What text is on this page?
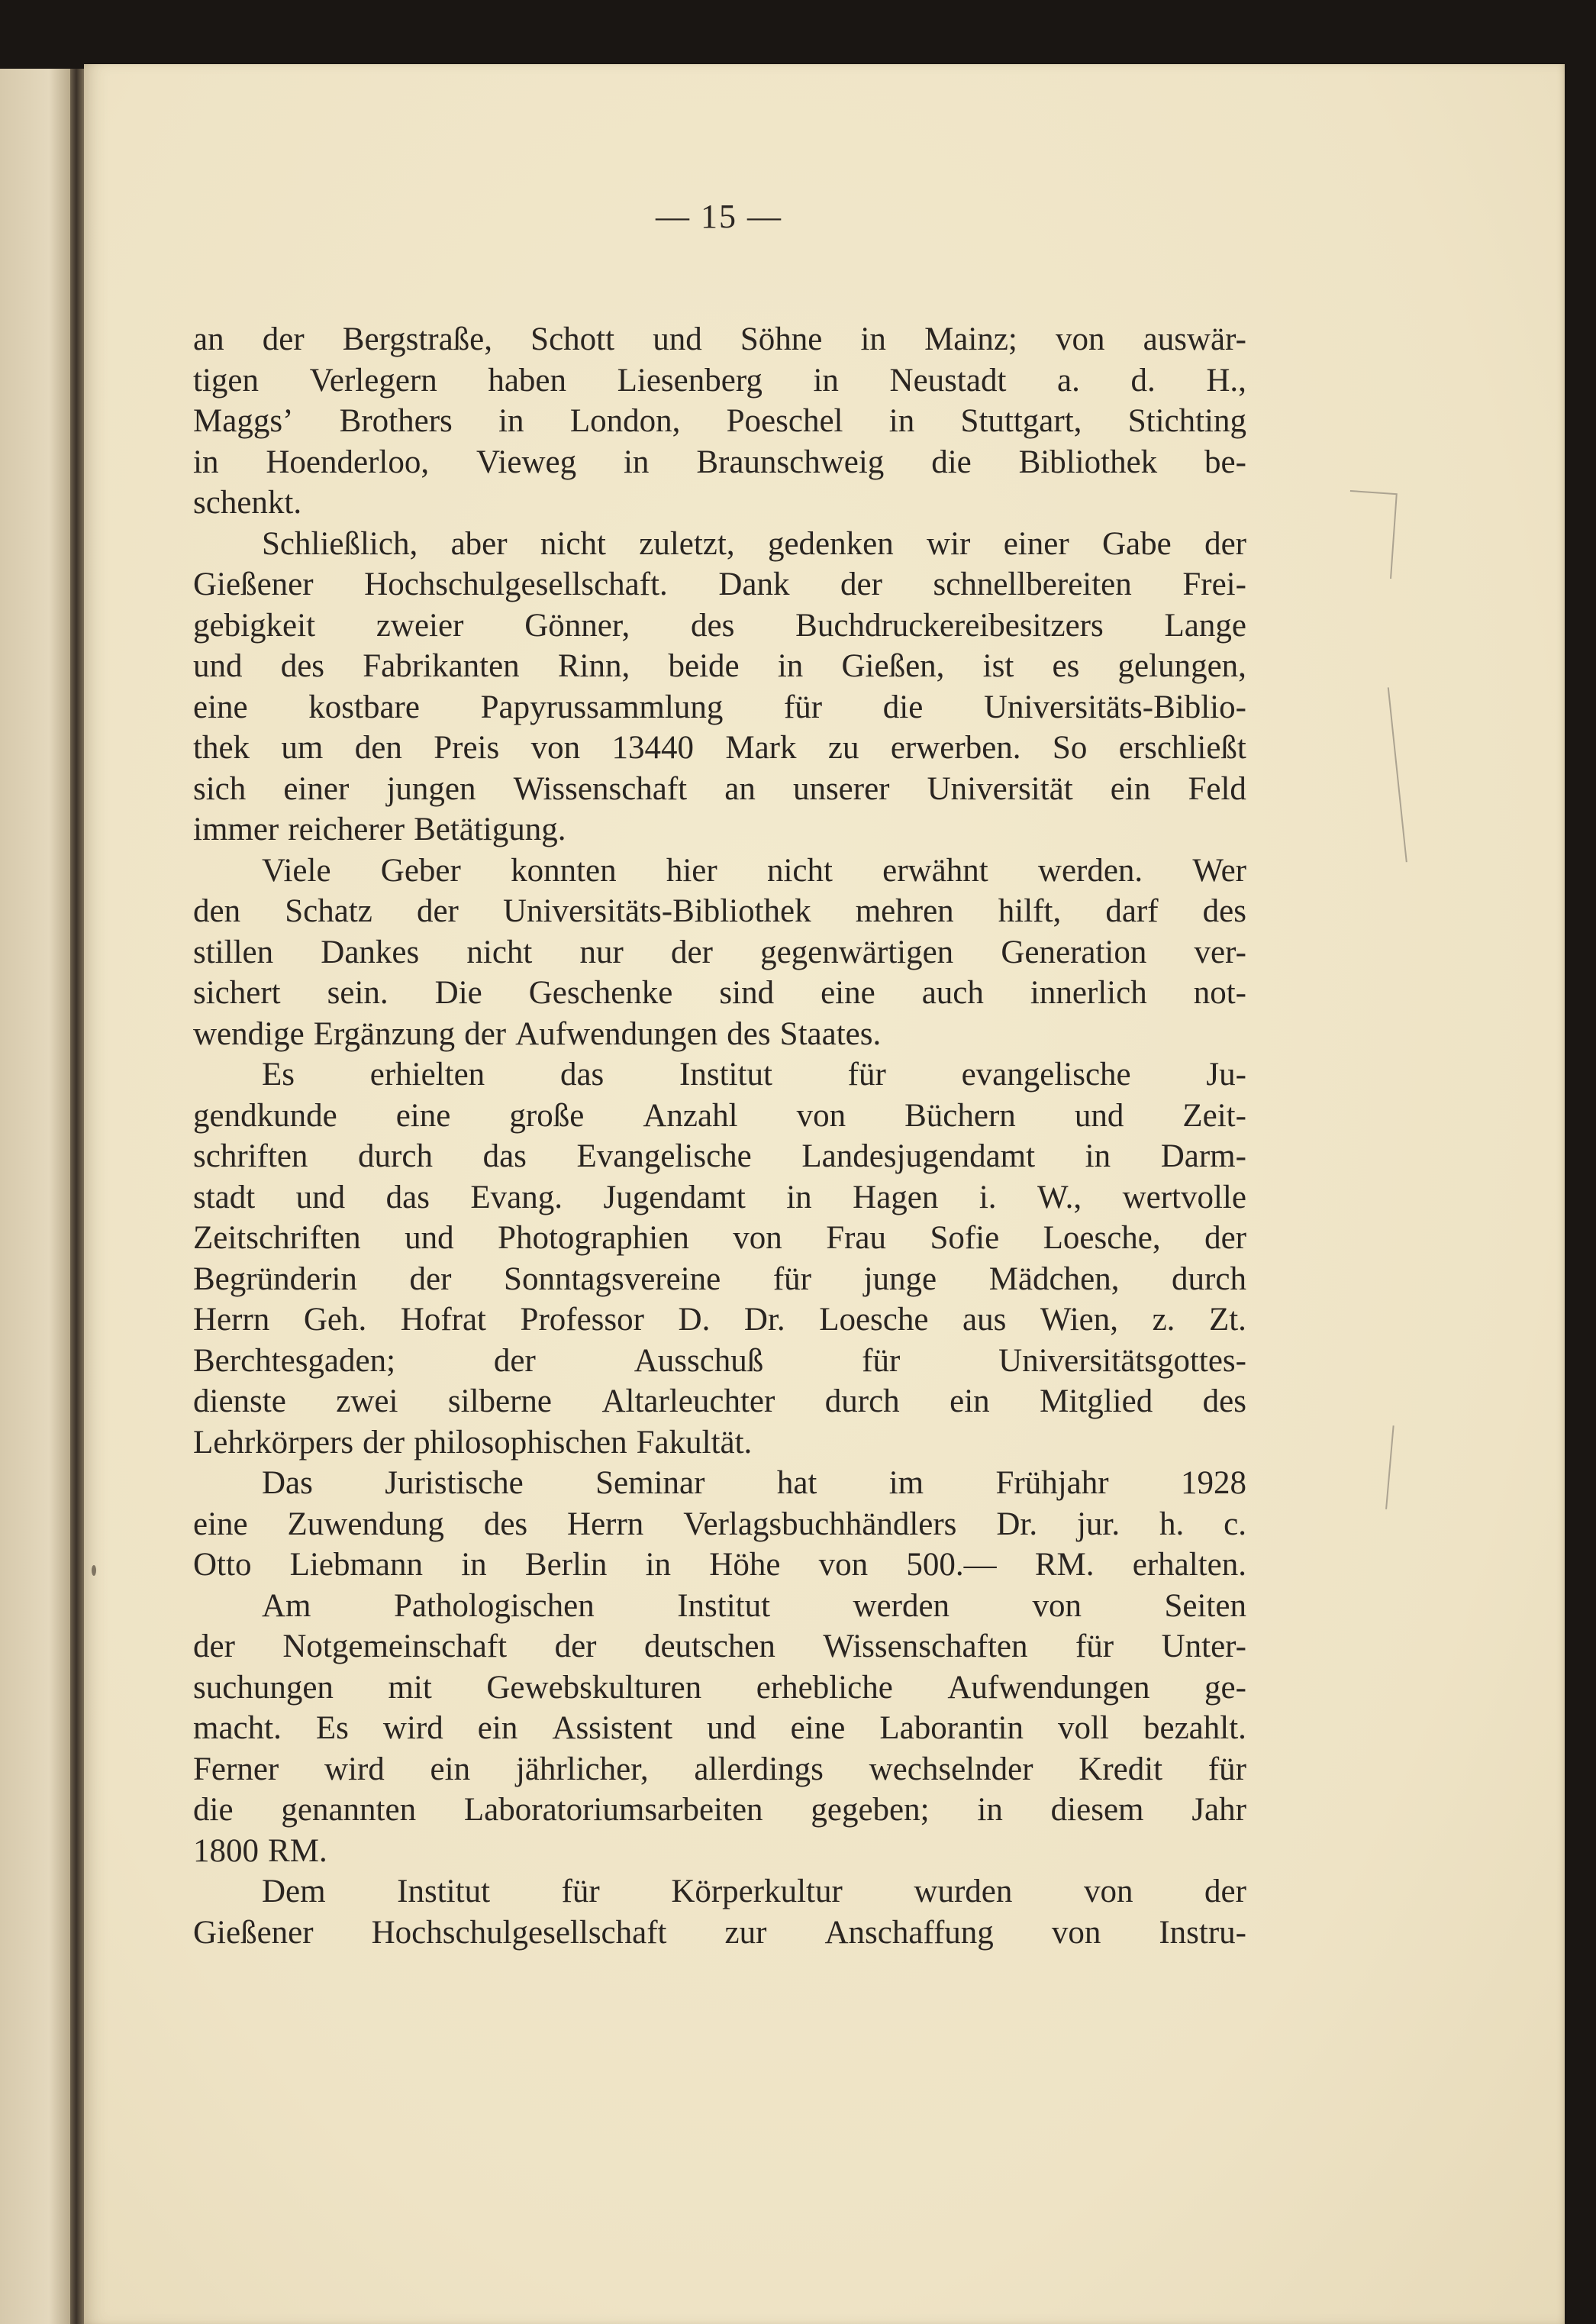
— 15 —
an der Bergstraße, Schott und Söhne in Mainz; von auswär-
tigen Verlegern haben Liesenberg in Neustadt a. d. H.,
Maggs’ Brothers in London, Poeschel in Stuttgart, Stichting
in Hoenderloo, Vieweg in Braunschweig die Bibliothek be-
schenkt.
Schließlich, aber nicht zuletzt, gedenken wir einer Gabe der
Gießener Hochschulgesellschaft. Dank der schnellbereiten Frei-
gebigkeit zweier Gönner, des Buchdruckereibesitzers Lange
und des Fabrikanten Rinn, beide in Gießen, ist es gelungen,
eine kostbare Papyrussammlung für die Universitäts-Biblio-
thek um den Preis von 13440 Mark zu erwerben. So erschließt
sich einer jungen Wissenschaft an unserer Universität ein Feld
immer reicherer Betätigung.
Viele Geber konnten hier nicht erwähnt werden. Wer
den Schatz der Universitäts-Bibliothek mehren hilft, darf des
stillen Dankes nicht nur der gegenwärtigen Generation ver-
sichert sein. Die Geschenke sind eine auch innerlich not-
wendige Ergänzung der Aufwendungen des Staates.
Es erhielten das Institut für evangelische Ju-
gendkunde eine große Anzahl von Büchern und Zeit-
schriften durch das Evangelische Landesjugendamt in Darm-
stadt und das Evang. Jugendamt in Hagen i. W., wertvolle
Zeitschriften und Photographien von Frau Sofie Loesche, der
Begründerin der Sonntagsvereine für junge Mädchen, durch
Herrn Geh. Hofrat Professor D. Dr. Loesche aus Wien, z. Zt.
Berchtesgaden;	der	Ausschuß	für	Universitätsgottes-
dienste zwei silberne Altarleuchter durch ein Mitglied des
Lehrkörpers der philosophischen Fakultät.
Das Juristische Seminar hat im Frühjahr 1928
eine Zuwendung des Herrn Verlagsbuchhändlers Dr. jur. h. c.
Otto Liebmann in Berlin in Höhe von 500.— RM. erhalten.
Am	Pathologischen	Institut	werden	von	Seiten
der Notgemeinschaft der deutschen Wissenschaften für Unter-
suchungen mit Gewebskulturen erhebliche Aufwendungen ge-
macht. Es wird ein Assistent und eine Laborantin voll bezahlt.
Ferner wird ein jährlicher, allerdings wechselnder Kredit für
die genannten Laboratoriumsarbeiten gegeben; in diesem Jahr
1800 RM.
Dem Institut für Körperkultur wurden von der
Gießener Hochschulgesellschaft zur Anschaffung von Instru-
